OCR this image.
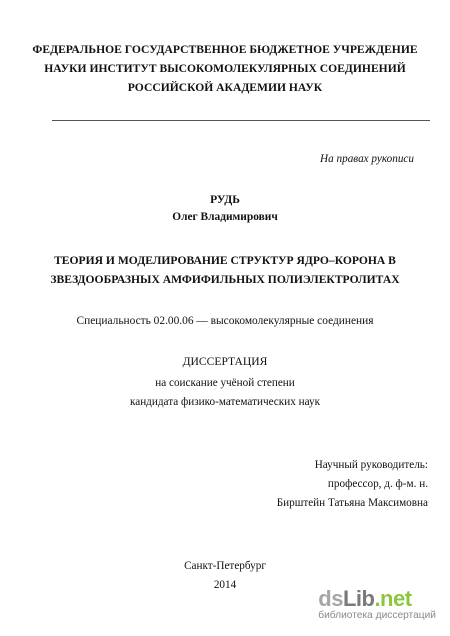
ФЕДЕРАЛЬНОЕ ГОСУДАРСТВЕННОЕ БЮДЖЕТНОЕ УЧРЕЖДЕНИЕ
НАУКИ ИНСТИТУТ ВЫСОКОМОЛЕКУЛЯРНЫХ СОЕДИНЕНИЙ
РОССИЙСКОЙ АКАДЕМИИ НАУК
На правах рукописи
РУДЬ
Олег Владимирович
ТЕОРИЯ И МОДЕЛИРОВАНИЕ СТРУКТУР ЯДРО–КОРОНА В
ЗВЕЗДООБРАЗНЫХ АМФИФИЛЬНЫХ ПОЛИЭЛЕКТРОЛИТАХ
Специальность 02.00.06 — высокомолекулярные соединения
ДИССЕРТАЦИЯ
на соискание учёной степени
кандидата физико-математических наук
Научный руководитель:
профессор, д. ф-м. н.
Бирштейн Татьяна Максимовна
Санкт-Петербург
2014
dsLib.net
библиотека диссертаций
